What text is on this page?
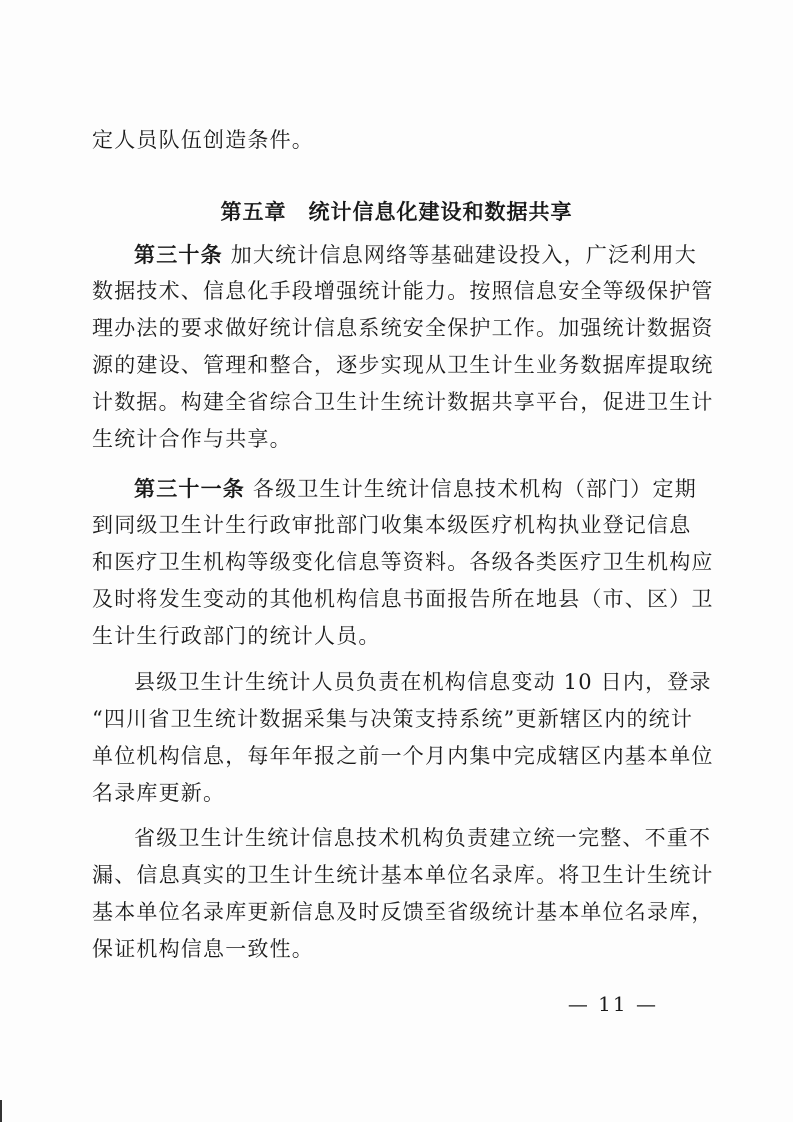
定人员队伍创造条件。
第五章　统计信息化建设和数据共享
第三十条 加大统计信息网络等基础建设投入，广泛利用大
数据技术、信息化手段增强统计能力。按照信息安全等级保护管
理办法的要求做好统计信息系统安全保护工作。加强统计数据资
源的建设、管理和整合，逐步实现从卫生计生业务数据库提取统
计数据。构建全省综合卫生计生统计数据共享平台，促进卫生计
生统计合作与共享。
第三十一条 各级卫生计生统计信息技术机构（部门）定期
到同级卫生计生行政审批部门收集本级医疗机构执业登记信息
和医疗卫生机构等级变化信息等资料。各级各类医疗卫生机构应
及时将发生变动的其他机构信息书面报告所在地县（市、区）卫
生计生行政部门的统计人员。
县级卫生计生统计人员负责在机构信息变动 10 日内，登录
“四川省卫生统计数据采集与决策支持系统”更新辖区内的统计
单位机构信息，每年年报之前一个月内集中完成辖区内基本单位
名录库更新。
省级卫生计生统计信息技术机构负责建立统一完整、不重不
漏、信息真实的卫生计生统计基本单位名录库。将卫生计生统计
基本单位名录库更新信息及时反馈至省级统计基本单位名录库，
保证机构信息一致性。
— 11 —
